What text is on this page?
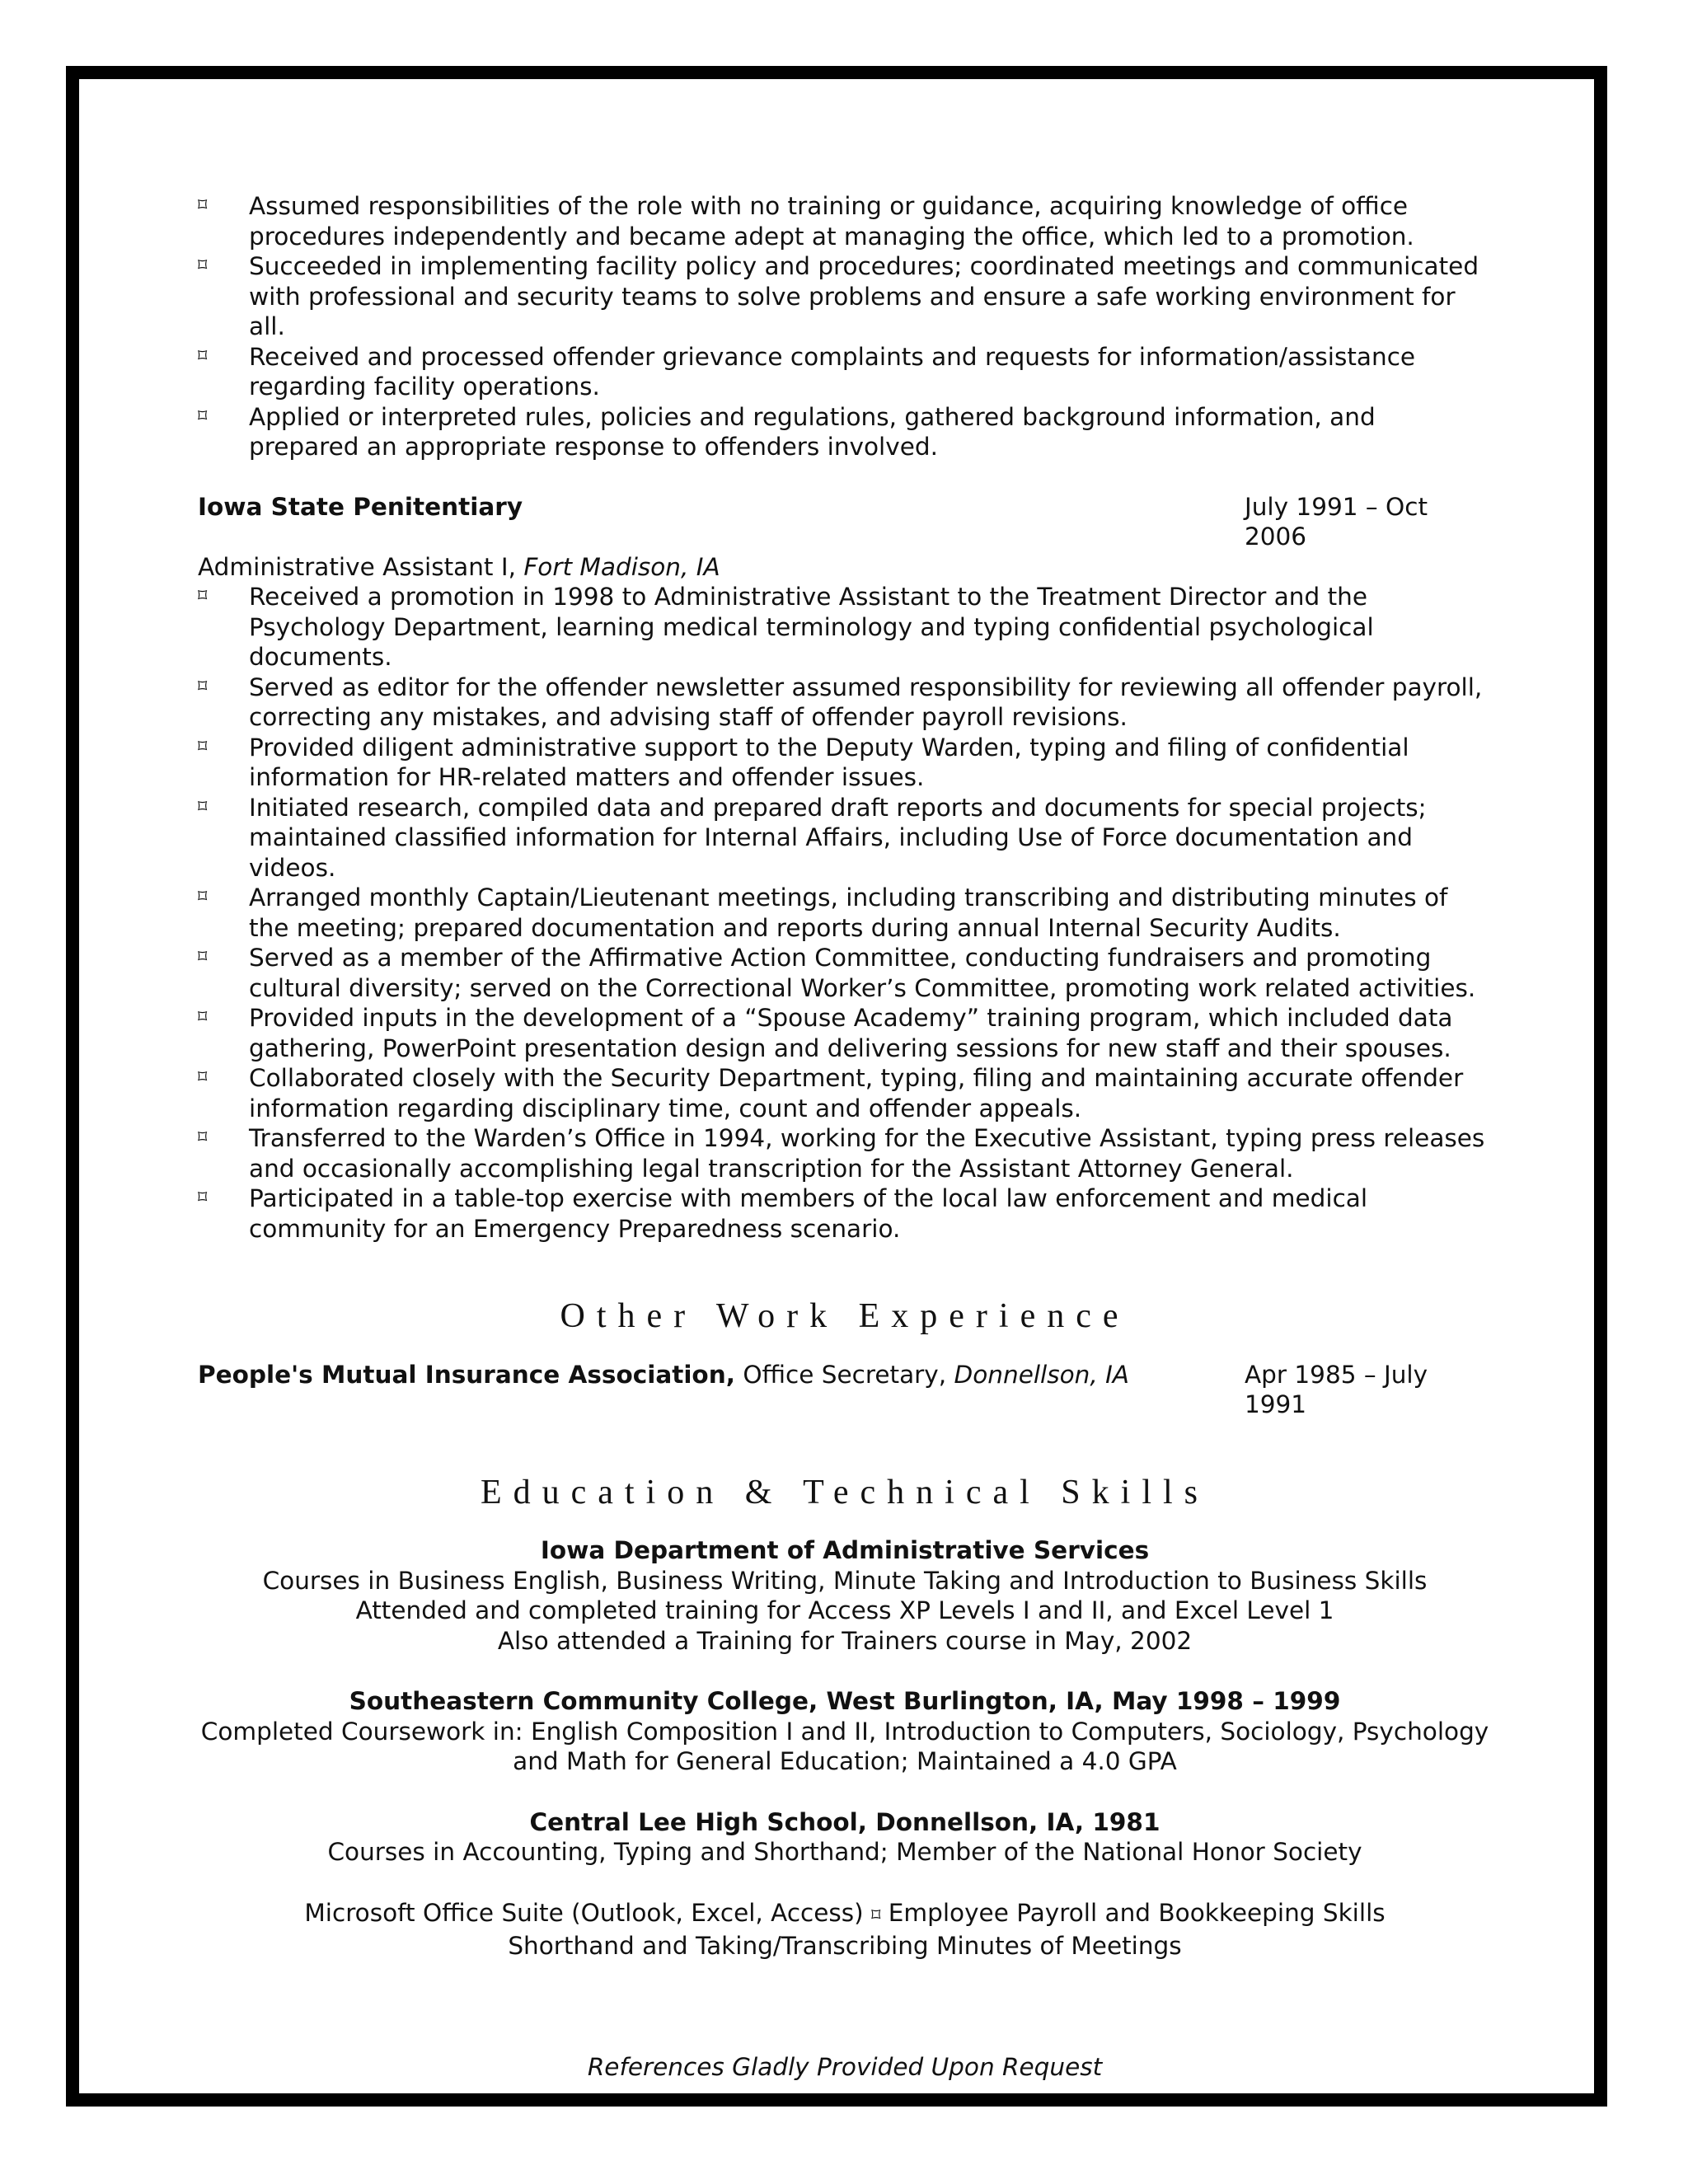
⌑ Assumed responsibilities of the role with no training or guidance, acquiring knowledge of office procedures independently and became adept at managing the office, which led to a promotion.
⌑ Succeeded in implementing facility policy and procedures; coordinated meetings and communicated with professional and security teams to solve problems and ensure a safe working environment for all.
⌑ Received and processed offender grievance complaints and requests for information/assistance regarding facility operations.
⌑ Applied or interpreted rules, policies and regulations, gathered background information, and prepared an appropriate response to offenders involved.
Iowa State Penitentiary	July 1991 – Oct 2006
Administrative Assistant I, Fort Madison, IA
⌑ Received a promotion in 1998 to Administrative Assistant to the Treatment Director and the Psychology Department, learning medical terminology and typing confidential psychological documents.
⌑ Served as editor for the offender newsletter assumed responsibility for reviewing all offender payroll, correcting any mistakes, and advising staff of offender payroll revisions.
⌑ Provided diligent administrative support to the Deputy Warden, typing and filing of confidential information for HR-related matters and offender issues.
⌑ Initiated research, compiled data and prepared draft reports and documents for special projects; maintained classified information for Internal Affairs, including Use of Force documentation and videos.
⌑ Arranged monthly Captain/Lieutenant meetings, including transcribing and distributing minutes of the meeting; prepared documentation and reports during annual Internal Security Audits.
⌑ Served as a member of the Affirmative Action Committee, conducting fundraisers and promoting cultural diversity; served on the Correctional Worker’s Committee, promoting work related activities.
⌑ Provided inputs in the development of a “Spouse Academy” training program, which included data gathering, PowerPoint presentation design and delivering sessions for new staff and their spouses.
⌑ Collaborated closely with the Security Department, typing, filing and maintaining accurate offender information regarding disciplinary time, count and offender appeals.
⌑ Transferred to the Warden’s Office in 1994, working for the Executive Assistant, typing press releases and occasionally accomplishing legal transcription for the Assistant Attorney General.
⌑ Participated in a table-top exercise with members of the local law enforcement and medical community for an Emergency Preparedness scenario.
Other Work Experience
People's Mutual Insurance Association, Office Secretary, Donnellson, IA	Apr 1985 – July 1991
Education & Technical Skills
Iowa Department of Administrative Services
Courses in Business English, Business Writing, Minute Taking and Introduction to Business Skills
Attended and completed training for Access XP Levels I and II, and Excel Level 1
Also attended a Training for Trainers course in May, 2002
Southeastern Community College, West Burlington, IA, May 1998 – 1999
Completed Coursework in: English Composition I and II, Introduction to Computers, Sociology, Psychology
and Math for General Education; Maintained a 4.0 GPA
Central Lee High School, Donnellson, IA, 1981
Courses in Accounting, Typing and Shorthand; Member of the National Honor Society
Microsoft Office Suite (Outlook, Excel, Access) ⌑ Employee Payroll and Bookkeeping Skills
Shorthand and Taking/Transcribing Minutes of Meetings
References Gladly Provided Upon Request
